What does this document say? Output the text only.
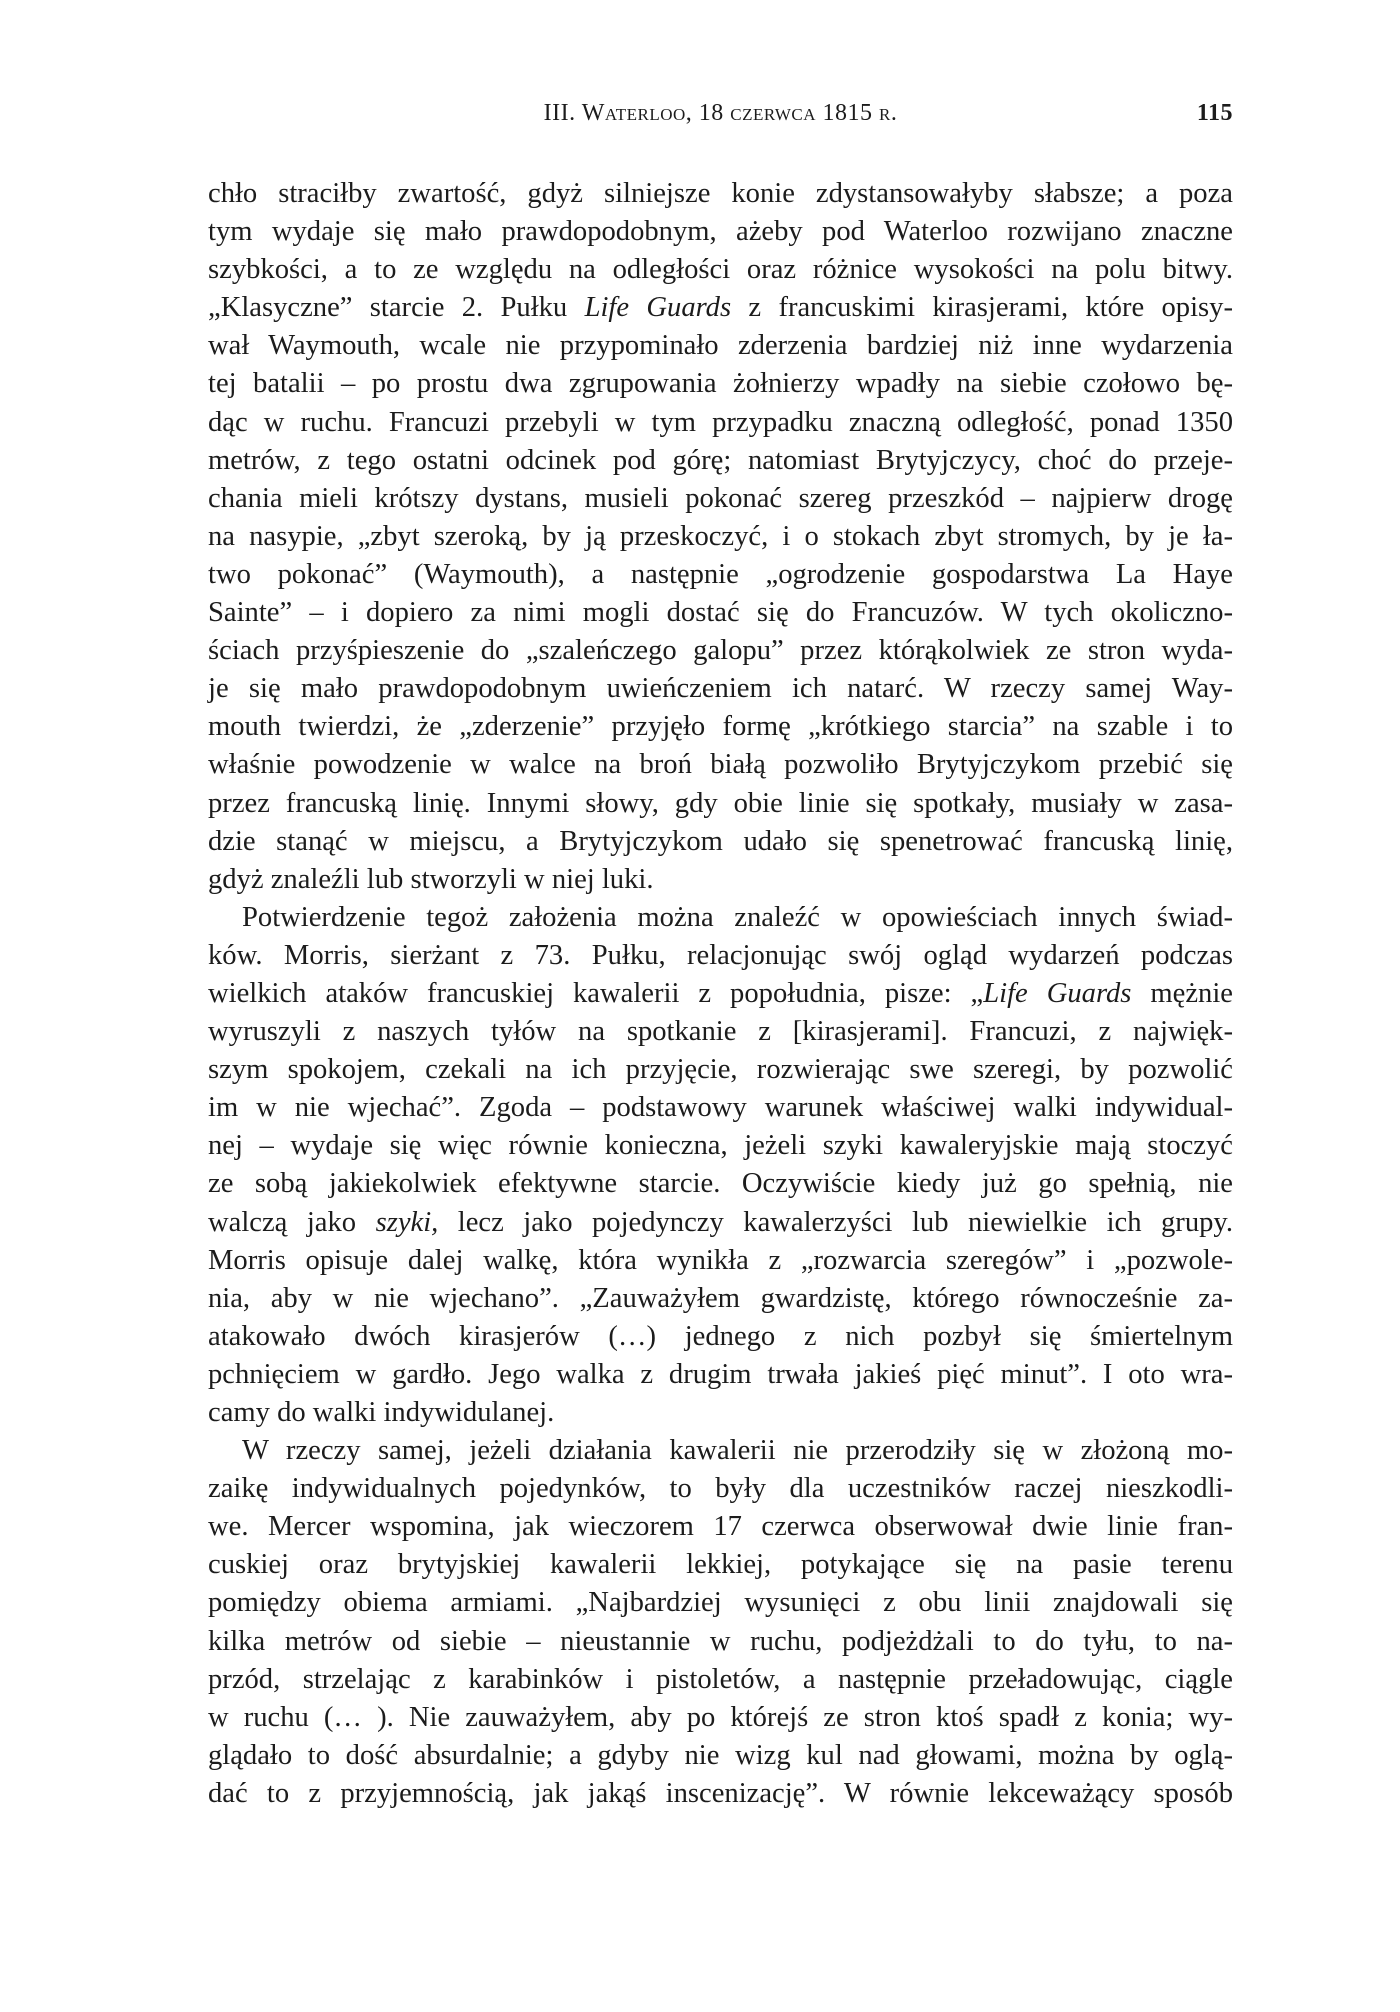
III. Waterloo, 18 czerwca 1815 r.	115

chło straciłby zwartość, gdyż silniejsze konie zdystansowałyby słabsze; a poza
tym wydaje się mało prawdopodobnym, ażeby pod Waterloo rozwijano znaczne
szybkości, a to ze względu na odległości oraz różnice wysokości na polu bitwy.
„Klasyczne” starcie 2. Pułku Life Guards z francuskimi kirasjerami, które opisy-
wał Waymouth, wcale nie przypominało zderzenia bardziej niż inne wydarzenia
tej batalii – po prostu dwa zgrupowania żołnierzy wpadły na siebie czołowo bę-
dąc w ruchu. Francuzi przebyli w tym przypadku znaczną odległość, ponad 1350
metrów, z tego ostatni odcinek pod górę; natomiast Brytyjczycy, choć do przeje-
chania mieli krótszy dystans, musieli pokonać szereg przeszkód – najpierw drogę
na nasypie, „zbyt szeroką, by ją przeskoczyć, i o stokach zbyt stromych, by je ła-
two pokonać” (Waymouth), a następnie „ogrodzenie gospodarstwa La Haye
Sainte” – i dopiero za nimi mogli dostać się do Francuzów. W tych okoliczno-
ściach przyśpieszenie do „szaleńczego galopu” przez którąkolwiek ze stron wyda-
je się mało prawdopodobnym uwieńczeniem ich natarć. W rzeczy samej Way-
mouth twierdzi, że „zderzenie” przyjęło formę „krótkiego starcia” na szable i to
właśnie powodzenie w walce na broń białą pozwoliło Brytyjczykom przebić się
przez francuską linię. Innymi słowy, gdy obie linie się spotkały, musiały w zasa-
dzie stanąć w miejscu, a Brytyjczykom udało się spenetrować francuską linię,
gdyż znaleźli lub stworzyli w niej luki.

Potwierdzenie tegoż założenia można znaleźć w opowieściach innych świad-
ków. Morris, sierżant z 73. Pułku, relacjonując swój ogląd wydarzeń podczas
wielkich ataków francuskiej kawalerii z popołudnia, pisze: „Life Guards mężnie
wyruszyli z naszych tyłów na spotkanie z [kirasjerami]. Francuzi, z najwięk-
szym spokojem, czekali na ich przyjęcie, rozwierając swe szeregi, by pozwolić
im w nie wjechać”. Zgoda – podstawowy warunek właściwej walki indywidual-
nej – wydaje się więc równie konieczna, jeżeli szyki kawaleryjskie mają stoczyć
ze sobą jakiekolwiek efektywne starcie. Oczywiście kiedy już go spełnią, nie
walczą jako szyki, lecz jako pojedynczy kawalerzyści lub niewielkie ich grupy.
Morris opisuje dalej walkę, która wynikła z „rozwarcia szeregów” i „pozwole-
nia, aby w nie wjechano”. „Zauważyłem gwardzistę, którego równocześnie za-
atakowało dwóch kirasjerów (…) jednego z nich pozbył się śmiertelnym
pchnięciem w gardło. Jego walka z drugim trwała jakieś pięć minut”. I oto wra-
camy do walki indywidulanej.

W rzeczy samej, jeżeli działania kawalerii nie przerodziły się w złożoną mo-
zaikę indywidualnych pojedynków, to były dla uczestników raczej nieszkodli-
we. Mercer wspomina, jak wieczorem 17 czerwca obserwował dwie linie fran-
cuskiej oraz brytyjskiej kawalerii lekkiej, potykające się na pasie terenu
pomiędzy obiema armiami. „Najbardziej wysunięci z obu linii znajdowali się
kilka metrów od siebie – nieustannie w ruchu, podjeżdżali to do tyłu, to na-
przód, strzelając z karabinków i pistoletów, a następnie przeładowując, ciągle
w ruchu (… ). Nie zauważyłem, aby po którejś ze stron ktoś spadł z konia; wy-
glądało to dość absurdalnie; a gdyby nie wizg kul nad głowami, można by oglą-
dać to z przyjemnością, jak jakąś inscenizację”. W równie lekceważący sposób
